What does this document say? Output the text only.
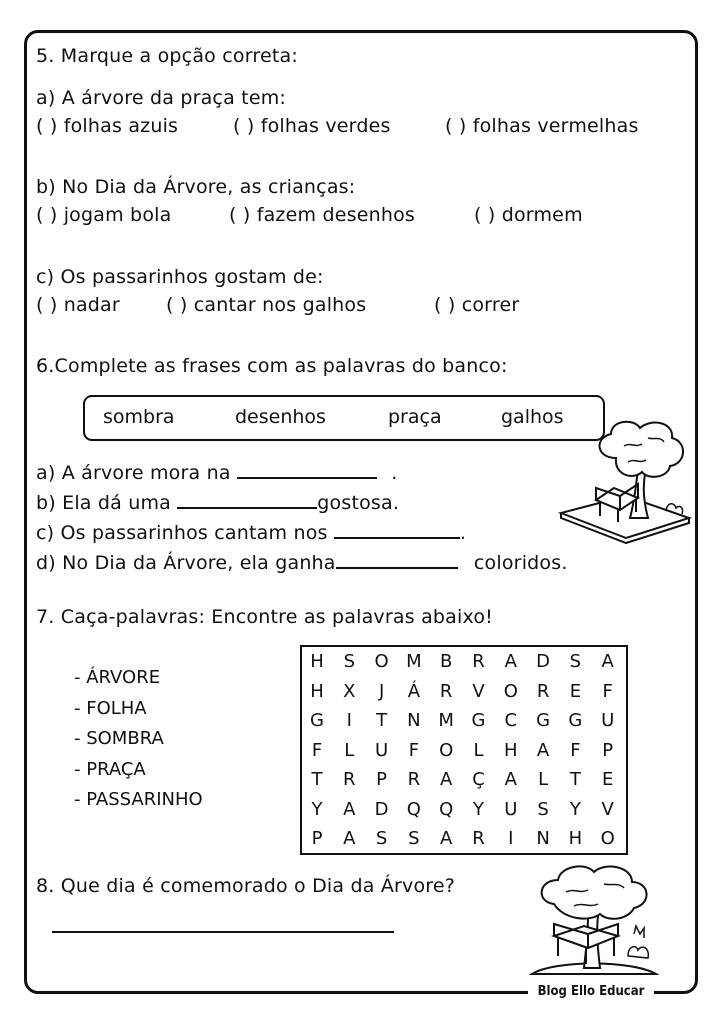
5. Marque a opção correta:
a) A árvore da praça tem:
( ) folhas azuis	( ) folhas verdes	( ) folhas vermelhas
b) No Dia da Árvore, as crianças:
( ) jogam bola	( ) fazem desenhos	( ) dormem
c) Os passarinhos gostam de:
( ) nadar ( ) cantar nos galhos	( ) correr
6.Complete as frases com as palavras do banco:
sombra	desenhos	praça	galhos
a) A árvore mora na	.
b) Ela dá uma	gostosa.
c) Os passarinhos cantam nos	.
d) No Dia da Árvore, ela ganha	coloridos.
7. Caça-palavras: Encontre as palavras abaixo!
- ÁRVORE
- FOLHA
- SOMBRA
- PRAÇA
- PASSARINHO
H	S	O M	B	R	A	D	S	A
H	X	J	Á	R	V	O	R	E	F
G	I	T	N M G	C	G	G	U
F	L	U	F	O	L	H	A	F	P
T	R	P	R	A	Ç	A	L	T	E
Y	A	D	Q	Q	Y	U	S	Y	V
P	A	S	S	A	R	I	N	H	O
8. Que dia é comemorado o Dia da Árvore?
Blog Ello Educar
